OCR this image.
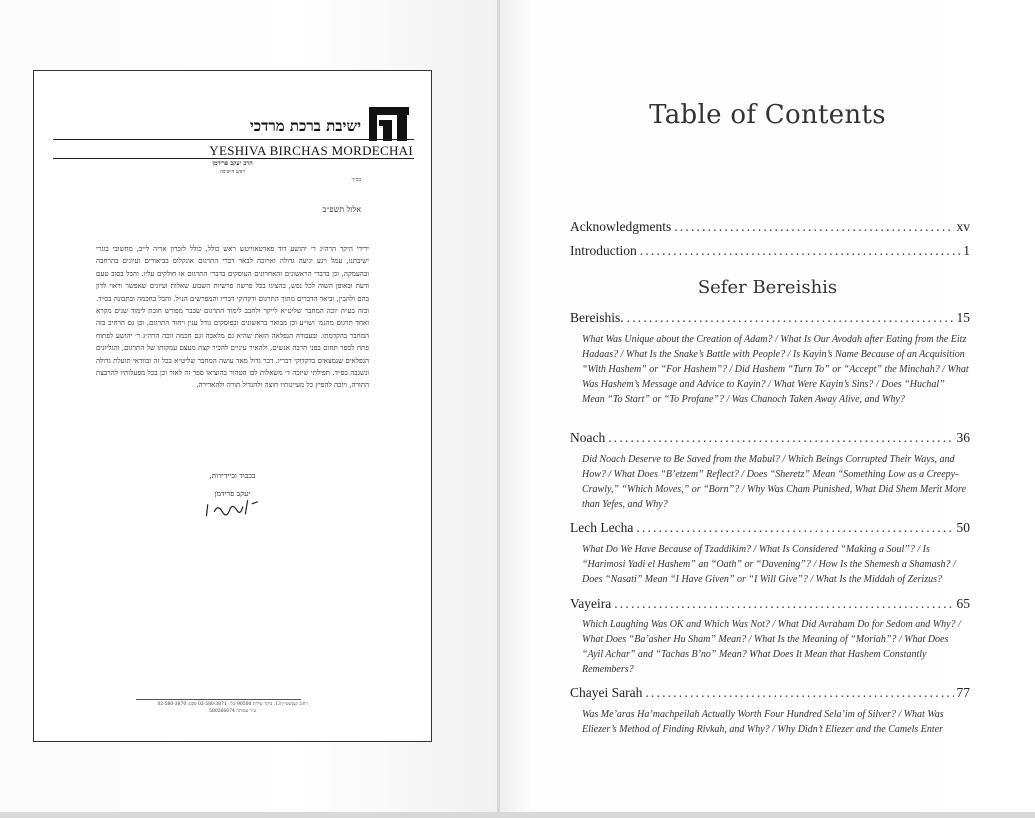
ישיבת ברכת מרדכי
YESHIVA BIRCHAS MORDECHAI
הרב יעקב פרידמן
ראש הישיבה
בס״ד
אלול תשפ״ב
ידידי היקר הרה״ג ר׳ יהושע דוד פארטאוויטש ראש כולל, כולל לזכרון אריה לייב, מחשובי בוגרי ישיבתנו, עמל ויגע יגיעה גדולה וארוכה לבאר דברי התרגום אונקלוס בביאורים ועיונים בהרחבה ובהעמקה, וכן בדברי הראשונים והאחרונים העוסקים בדברי התרגום או חולקים עליו. והכל בסוב טעם ודעת ובאופן השוה לכל נפש, בהציגו בכל פרשה פרשיות השבוע שאלות ועיונים שאפשר וראוי לדון בהם ולהבין, וביאר הדברים מתוך התרגום ודקדוקי דבריו והמפרשים הנ״ל. והכל בחכמה ובתבונה בס״ד. ובזה בע״ה יוכה המחבר שליט״א לייקר ולחבב לימוד התרגום שכבר מפורש חובת לימוד שנים מקרא ואחד תרגום מהגמ׳ ושו״ע וכן מבואר בראשונים ובפוסקים גודל ענין ויחוד התרגום, וכן גם הרחיב בזה המחבר בהקדמתו. ובעבודה הנפלאה הזאת שהיא גם מלאכה וגם חכמה זוכה הרה״ג ר׳ יהושע לפתוח פתח לספר תחום בפני הרבה אנשים, ולהאיר עיניים להכיר קצת מעצם עמקותו של התרגום, והגליונים הנפלאים שנמצאים בדקדוקי דבריו. דבר גדול מאד עושה המחבר שליט״א בכל זה ובוודאי תועלת גדולה ונשגבה בס״ד. תפילתי שיזכה ד׳ משאלות לבו הטהור בהוציאו ספר זה לאור וכן בכל מפעלותיו להרבצת התורה, ויזכה להפיץ כל מעיינותיו חוצה ולהגדיל תורה ולהאדירה.
בכבוד וביידידות,
יעקב פרידמן
רחוב קצנשטיין 13, ביתר עילית 90500 טל׳: 02-580-3871 פקס: 02-580-3870
ע״ר עמותה 580266674
Table of Contents
Acknowledgments .....	xv
Introduction .....	1
Sefer Bereishis
Bereishis. .....	15

What Was Unique about the Creation of Adam? / What Is Our Avodah after Eating from the Eitz Hadaas? / What Is the Snake’s Battle with People? / Is Kayin’s Name Because of an Acquisition “With Hashem” or “For Hashem”? / Did Hashem “Turn To” or “Accept” the Minchah? / What Was Hashem’s Message and Advice to Kayin? / What Were Kayin’s Sins? / Does “Huchal” Mean “To Start” or “To Profane”? / Was Chanoch Taken Away Alive, and Why?

Noach .....	36

Did Noach Deserve to Be Saved from the Mabul? / Which Beings Corrupted Their Ways, and How? / What Does “B’etzem” Reflect? / Does “Sheretz” Mean “Something Low as a Creepy-Crawly,” “Which Moves,” or “Born”? / Why Was Cham Punished, What Did Shem Merit More than Yefes, and Why?

Lech Lecha .....	50

What Do We Have Because of Tzaddikim? / What Is Considered “Making a Soul”? / Is “Harimosi Yadi el Hashem” an “Oath” or “Davening”? / How Is the Shemesh a Shamash? / Does “Nasati” Mean “I Have Given” or “I Will Give”? / What Is the Middah of Zerizus?

Vayeira .....	65

Which Laughing Was OK and Which Was Not? / What Did Avraham Do for Sedom and Why? / What Does “Ba’asher Hu Sham” Mean? / What Is the Meaning of “Moriah”? / What Does “Ayil Achar” and “Tachas B’no” Mean? What Does It Mean that Hashem Constantly Remembers?

Chayei Sarah .....	77

Was Me’aras Ha’machpeilah Actually Worth Four Hundred Sela’im of Silver? / What Was Eliezer’s Method of Finding Rivkah, and Why? / Why Didn’t Eliezer and the Camels Enter
